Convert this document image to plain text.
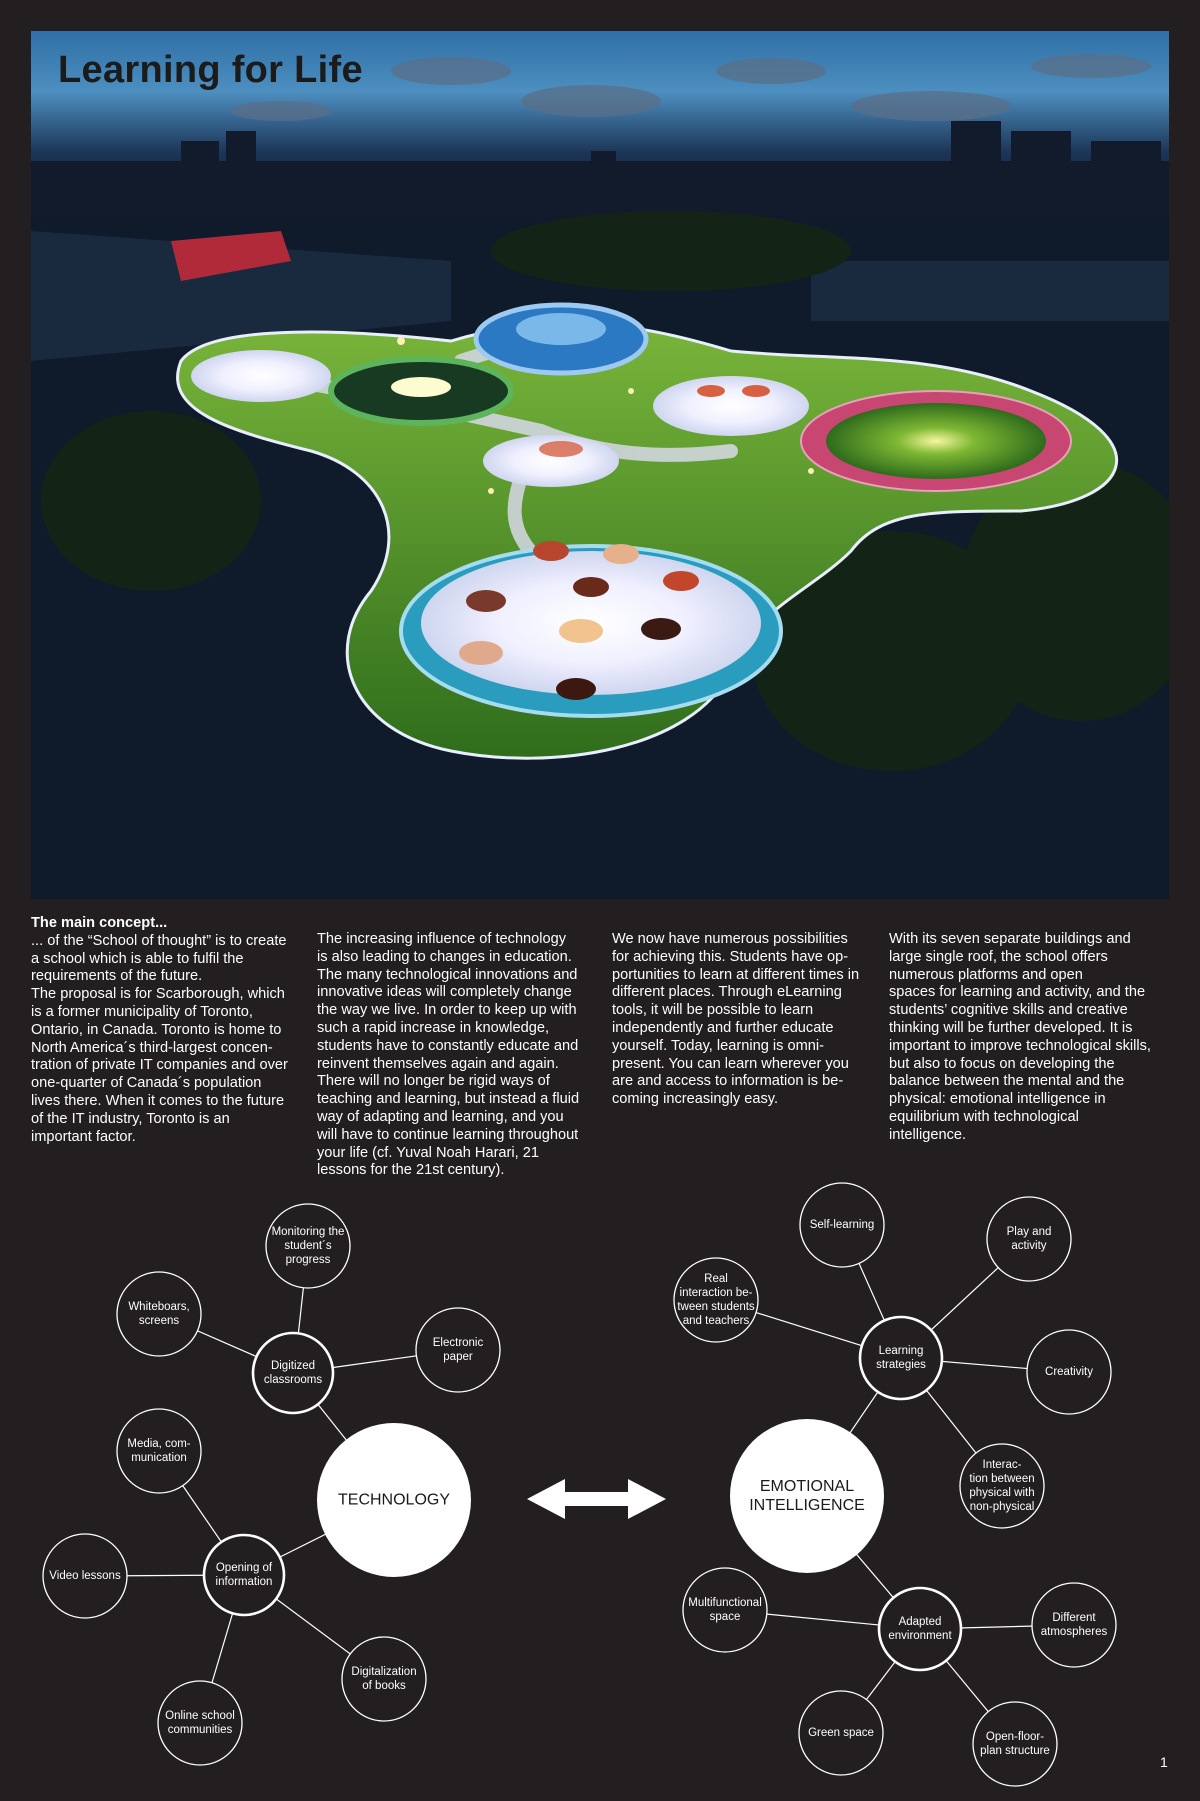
Learning for Life

The main concept...

... of the “School of thought” is to create
a school which is able to fulfil the
requirements of the future.
The proposal is for Scarborough, which
is a former municipality of Toronto,
Ontario, in Canada. Toronto is home to
North America´s third-largest concen-
tration of private IT companies and over
one-quarter of Canada´s population
lives there. When it comes to the future
of the IT industry, Toronto is an
important factor.

The increasing influence of technology
is also leading to changes in education.
The many technological innovations and
innovative ideas will completely change
the way we live. In order to keep up with
such a rapid increase in knowledge,
students have to constantly educate and
reinvent themselves again and again.
There will no longer be rigid ways of
teaching and learning, but instead a fluid
way of adapting and learning, and you
will have to continue learning throughout
your life (cf. Yuval Noah Harari, 21
lessons for the 21st century).

We now have numerous possibilities
for achieving this. Students have op-
portunities to learn at different times in
different places. Through eLearning
tools, it will be possible to learn
independently and further educate
yourself. Today, learning is omni-
present. You can learn wherever you
are and access to information is be-
coming increasingly easy.

With its seven separate buildings and
large single roof, the school offers
numerous platforms and open
spaces for learning and activity, and the
students’ cognitive skills and creative
thinking will be further developed. It is
important to improve technological skills,
but also to focus on developing the
balance between the mental and the
physical: emotional intelligence in
equilibrium with technological
intelligence.

TECHNOLOGY
EMOTIONAL
INTELLIGENCE
Digitized
classrooms
Opening of
information
Monitoring the
student´s
progress
Whiteboars,
screens
Electronic
paper
Media, com-
munication
Video lessons
Online school
communities
Digitalization
of books
Learning
strategies
Adapted
environment
Self-learning
Play and
activity
Real
interaction be-
tween students
and teachers
Creativity
Interac-
tion between
physical with
non-physical
Multifunctional
space	Different
atmospheres
Green space	Open-floor-
plan structure
1
